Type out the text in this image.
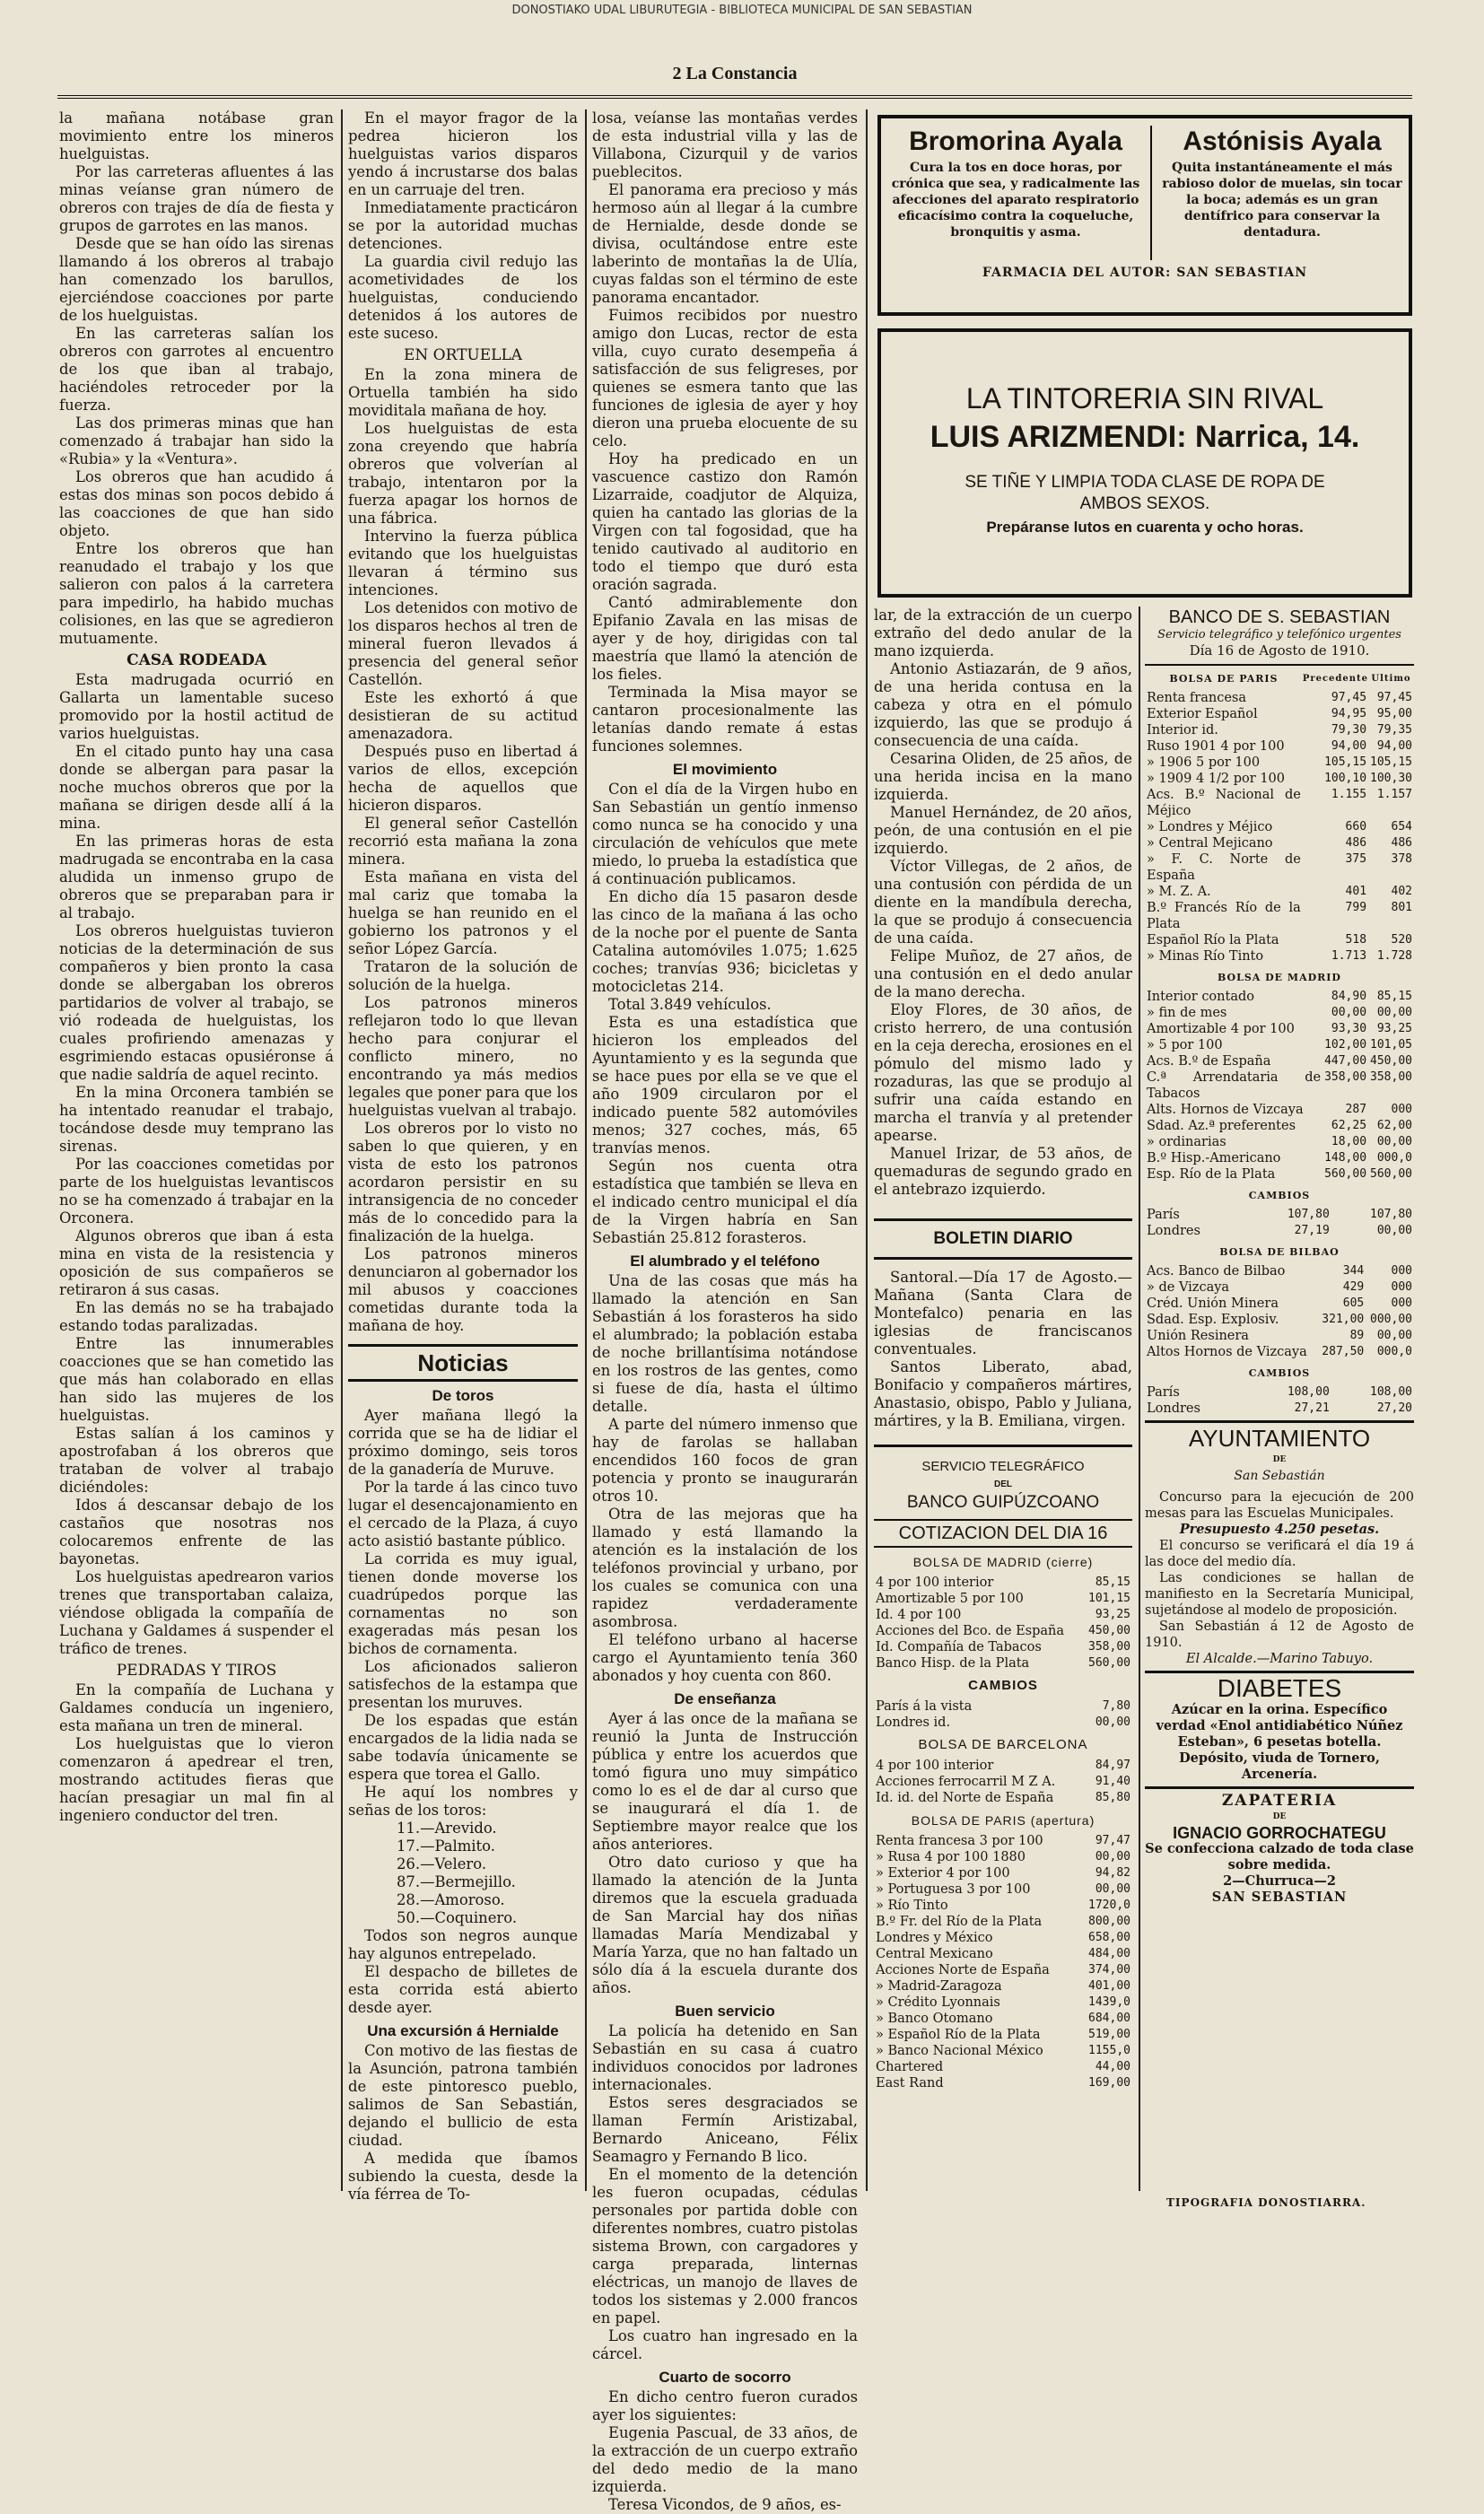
DONOSTIAKO UDAL LIBURUTEGIA - BIBLIOTECA MUNICIPAL DE SAN SEBASTIAN
2 La Constancia

la mañana notábase gran movimiento entre los mineros huelguistas.

Por las carreteras afluentes á las minas veíanse gran número de obreros con trajes de día de fiesta y grupos de garrotes en las manos.

Desde que se han oído las sirenas llamando á los obreros al trabajo han comenzado los barullos, ejerciéndose coacciones por parte de los huelguistas.

En las carreteras salían los obreros con garrotes al encuentro de los que iban al trabajo, haciéndoles retroceder por la fuerza.

Las dos primeras minas que han comenzado á trabajar han sido la «Rubia» y la «Ventura».

Los obreros que han acudido á estas dos minas son pocos debido á las coacciones de que han sido objeto.

Entre los obreros que han reanudado el trabajo y los que salieron con palos á la carretera para impedirlo, ha habido muchas colisiones, en las que se agredieron mutuamente.

CASA RODEADA

Esta madrugada ocurrió en Gallarta un lamentable suceso promovido por la hostil actitud de varios huelguistas.

En el citado punto hay una casa donde se albergan para pasar la noche muchos obreros que por la mañana se dirigen desde allí á la mina.

En las primeras horas de esta madrugada se encontraba en la casa aludida un inmenso grupo de obreros que se preparaban para ir al trabajo.

Los obreros huelguistas tuvieron noticias de la determinación de sus compañeros y bien pronto la casa donde se albergaban los obreros partidarios de volver al trabajo, se vió rodeada de huelguistas, los cuales profiriendo amenazas y esgrimiendo estacas opusiéronse á que nadie saldría de aquel recinto.

En la mina Orconera también se ha intentado reanudar el trabajo, tocándose desde muy temprano las sirenas.

Por las coacciones cometidas por parte de los huelguistas levantiscos no se ha comenzado á trabajar en la Orconera.

Algunos obreros que iban á esta mina en vista de la resistencia y oposición de sus compañeros se retiraron á sus casas.

En las demás no se ha trabajado estando todas paralizadas.

Entre las innumerables coacciones que se han cometido las que más han colaborado en ellas han sido las mujeres de los huelguistas.

Estas salían á los caminos y apostrofaban á los obreros que trataban de volver al trabajo diciéndoles:

Idos á descansar debajo de los castaños que nosotras nos colocaremos enfrente de las bayonetas.

Los huelguistas apedrearon varios trenes que transportaban calaiza, viéndose obligada la compañía de Luchana y Galdames á suspender el tráfico de trenes.

PEDRADAS Y TIROS

En la compañía de Luchana y Galdames conducía un ingeniero, esta mañana un tren de mineral.

Los huelguistas que lo vieron comenzaron á apedrear el tren, mostrando actitudes fieras que hacían presagiar un mal fin al ingeniero conductor del tren.

En el mayor fragor de la pedrea hicieron los huelguistas varios disparos yendo á incrustarse dos balas en un carruaje del tren.

Inmediatamente practicáron se por la autoridad muchas detenciones.

La guardia civil redujo las acometividades de los huelguistas, conduciendo detenidos á los autores de este suceso.

EN ORTUELLA

En la zona minera de Ortuella también ha sido moviditala mañana de hoy.

Los huelguistas de esta zona creyendo que habría obreros que volverían al trabajo, intentaron por la fuerza apagar los hornos de una fábrica.

Intervino la fuerza pública evitando que los huelguistas llevaran á término sus intenciones.

Los detenidos con motivo de los disparos hechos al tren de mineral fueron llevados á presencia del general señor Castellón.

Este les exhortó á que desistieran de su actitud amenazadora.

Después puso en libertad á varios de ellos, excepción hecha de aquellos que hicieron disparos.

El general señor Castellón recorrió esta mañana la zona minera.

Esta mañana en vista del mal cariz que tomaba la huelga se han reunido en el gobierno los patronos y el señor López García.

Trataron de la solución de solución de la huelga.

Los patronos mineros reflejaron todo lo que llevan hecho para conjurar el conflicto minero, no encontrando ya más medios legales que poner para que los huelguistas vuelvan al trabajo.

Los obreros por lo visto no saben lo que quieren, y en vista de esto los patronos acordaron persistir en su intransigencia de no conceder más de lo concedido para la finalización de la huelga.

Los patronos mineros denunciaron al gobernador los mil abusos y coacciones cometidas durante toda la mañana de hoy.

Noticias
De toros

Ayer mañana llegó la corrida que se ha de lidiar el próximo domingo, seis toros de la ganadería de Muruve.

Por la tarde á las cinco tuvo lugar el desencajonamiento en el cercado de la Plaza, á cuyo acto asistió bastante público.

La corrida es muy igual, tienen donde moverse los cuadrúpedos porque las cornamentas no son exageradas más pesan los bichos de cornamenta.

Los aficionados salieron satisfechos de la estampa que presentan los muruves.

De los espadas que están encargados de la lidia nada se sabe todavía únicamente se espera que torea el Gallo.

He aquí los nombres y señas de los toros:

11.—Arevido.
17.—Palmito.
26.—Velero.
87.—Bermejillo.
28.—Amoroso.
50.—Coquinero.

Todos son negros aunque hay algunos entrepelado.

El despacho de billetes de esta corrida está abierto desde ayer.

Una excursión á Hernialde

Con motivo de las fiestas de la Asunción, patrona también de este pintoresco pueblo, salimos de San Sebastián, dejando el bullicio de esta ciudad.

A medida que íbamos subiendo la cuesta, desde la vía férrea de To-

losa, veíanse las montañas verdes de esta industrial villa y las de Villabona, Cizurquil y de varios pueblecitos.

El panorama era precioso y más hermoso aún al llegar á la cumbre de Hernialde, desde donde se divisa, ocultándose entre este laberinto de montañas la de Ulía, cuyas faldas son el término de este panorama encantador.

Fuimos recibidos por nuestro amigo don Lucas, rector de esta villa, cuyo curato desempeña á satisfacción de sus feligreses, por quienes se esmera tanto que las funciones de iglesia de ayer y hoy dieron una prueba elocuente de su celo.

Hoy ha predicado en un vascuence castizo don Ramón Lizarraide, coadjutor de Alquiza, quien ha cantado las glorias de la Virgen con tal fogosidad, que ha tenido cautivado al auditorio en todo el tiempo que duró esta oración sagrada.

Cantó admirablemente don Epifanio Zavala en las misas de ayer y de hoy, dirigidas con tal maestría que llamó la atención de los fieles.

Terminada la Misa mayor se cantaron procesionalmente las letanías dando remate á estas funciones solemnes.

El movimiento

Con el día de la Virgen hubo en San Sebastián un gentío inmenso como nunca se ha conocido y una circulación de vehículos que mete miedo, lo prueba la estadística que á continuación publicamos.

En dicho día 15 pasaron desde las cinco de la mañana á las ocho de la noche por el puente de Santa Catalina automóviles 1.075; 1.625 coches; tranvías 936; bicicletas y motocicletas 214.

Total 3.849 vehículos.

Esta es una estadística que hicieron los empleados del Ayuntamiento y es la segunda que se hace pues por ella se ve que el año 1909 circularon por el indicado puente 582 automóviles menos; 327 coches, más, 65 tranvías menos.

Según nos cuenta otra estadística que también se lleva en el indicado centro municipal el día de la Virgen habría en San Sebastián 25.812 forasteros.

El alumbrado y el teléfono

Una de las cosas que más ha llamado la atención en San Sebastián á los forasteros ha sido el alumbrado; la población estaba de noche brillantísima notándose en los rostros de las gentes, como si fuese de día, hasta el último detalle.

A parte del número inmenso que hay de farolas se hallaban encendidos 160 focos de gran potencia y pronto se inaugurarán otros 10.

Otra de las mejoras que ha llamado y está llamando la atención es la instalación de los teléfonos provincial y urbano, por los cuales se comunica con una rapidez verdaderamente asombrosa.

El teléfono urbano al hacerse cargo el Ayuntamiento tenía 360 abonados y hoy cuenta con 860.

De enseñanza

Ayer á las once de la mañana se reunió la Junta de Instrucción pública y entre los acuerdos que tomó figura uno muy simpático como lo es el de dar al curso que se inaugurará el día 1. de Septiembre mayor realce que los años anteriores.

Otro dato curioso y que ha llamado la atención de la Junta diremos que la escuela graduada de San Marcial hay dos niñas llamadas María Mendizabal y María Yarza, que no han faltado un sólo día á la escuela durante dos años.

Buen servicio

La policía ha detenido en San Sebastián en su casa á cuatro individuos conocidos por ladrones internacionales.

Estos seres desgraciados se llaman Fermín Aristizabal, Bernardo Aniceano, Félix Seamagro y Fernando B lico.

En el momento de la detención les fueron ocupadas, cédulas personales por partida doble con diferentes nombres, cuatro pistolas sistema Brown, con cargadores y carga preparada, linternas eléctricas, un manojo de llaves de todos los sistemas y 2.000 francos en papel.

Los cuatro han ingresado en la cárcel.

Cuarto de socorro

En dicho centro fueron curados ayer los siguientes:

Eugenia Pascual, de 33 años, de la extracción de un cuerpo extraño del dedo medio de la mano izquierda.

Teresa Vicondos, de 9 años, es-

Bromorina Ayala
Cura la tos en doce horas, por crónica que sea, y radicalmente las afecciones del aparato respiratorio eficacísimo contra la coqueluche, bronquitis y asma.
Astónisis Ayala
Quita instantáneamente el más rabioso dolor de muelas, sin tocar la boca; además es un gran dentífrico para conservar la dentadura.
FARMACIA DEL AUTOR: SAN SEBASTIAN
LA TINTORERIA SIN RIVAL
LUIS ARIZMENDI: Narrica, 14.
SE TIÑE Y LIMPIA TODA CLASE DE ROPA DE AMBOS SEXOS.
Prepáranse lutos en cuarenta y ocho horas.

lar, de la extracción de un cuerpo extraño del dedo anular de la mano izquierda.

Antonio Astiazarán, de 9 años, de una herida contusa en la cabeza y otra en el pómulo izquierdo, las que se produjo á consecuencia de una caída.

Cesarina Oliden, de 25 años, de una herida incisa en la mano izquierda.

Manuel Hernández, de 20 años, peón, de una contusión en el pie izquierdo.

Víctor Villegas, de 2 años, de una contusión con pérdida de un diente en la mandíbula derecha, la que se produjo á consecuencia de una caída.

Felipe Muñoz, de 27 años, de una contusión en el dedo anular de la mano derecha.

Eloy Flores, de 30 años, de cristo herrero, de una contusión en la ceja derecha, erosiones en el pómulo del mismo lado y rozaduras, las que se produjo al sufrir una caída estando en marcha el tranvía y al pretender apearse.

Manuel Irizar, de 53 años, de quemaduras de segundo grado en el antebrazo izquierdo.

BOLETIN DIARIO

Santoral.—Día 17 de Agosto.—Mañana (Santa Clara de Montefalco) penaria en las iglesias de franciscanos conventuales.

Santos Liberato, abad, Bonifacio y compañeros mártires, Anastasio, obispo, Pablo y Juliana, mártires, y la B. Emiliana, virgen.

SERVICIO TELEGRÁFICO
DEL
BANCO GUIPÚZCOANO
COTIZACION DEL DIA 16
BOLSA DE MADRID (cierre)
4 por 100 interior	85,15
Amortizable 5 por 100	101,15
Id. 4 por 100	93,25
Acciones del Bco. de España	450,00
Id. Compañía de Tabacos	358,00
Banco Hisp. de la Plata	560,00
CAMBIOS
París á la vista	7,80
Londres id.	00,00
BOLSA DE BARCELONA
4 por 100 interior	84,97
Acciones ferrocarril M Z A.	91,40
Id. id. del Norte de España	85,80
BOLSA DE PARIS (apertura)
Renta francesa 3 por 100	97,47
» Rusa 4 por 100 1880	00,00
» Exterior 4 por 100	94,82
» Portuguesa 3 por 100	00,00
» Río Tinto	1720,0
B.º Fr. del Río de la Plata	800,00
Londres y México	658,00
Central Mexicano	484,00
Acciones Norte de España	374,00
» Madrid-Zaragoza	401,00
» Crédito Lyonnais	1439,0
» Banco Otomano	684,00
» Español Río de la Plata	519,00
» Banco Nacional México	1155,0
Chartered	44,00
East Rand	169,00
BANCO DE S. SEBASTIAN
Servicio telegráfico y telefónico urgentes
Día 16 de Agosto de 1910.
BOLSA DE PARIS	Precedente	Ultimo
Renta francesa	97,45	97,45
Exterior Español	94,95	95,00
Interior id.	79,30	79,35
Ruso 1901 4 por 100	94,00	94,00
» 1906 5 por 100	105,15	105,15
» 1909 4 1/2 por 100	100,10	100,30
Acs. B.º Nacional de Méjico	1.155	1.157
» Londres y Méjico	660	654
» Central Mejicano	486	486
» F. C. Norte de España	375	378
» M. Z. A.	401	402
B.º Francés Río de la Plata	799	801
Español Río la Plata	518	520
» Minas Río Tinto	1.713	1.728
BOLSA DE MADRID
Interior contado	84,90	85,15
» fin de mes	00,00	00,00
Amortizable 4 por 100	93,30	93,25
» 5 por 100	102,00	101,05
Acs. B.º de España	447,00	450,00
C.ª Arrendataria de Tabacos	358,00	358,00
Alts. Hornos de Vizcaya	287	000
Sdad. Az.ª preferentes	62,25	62,00
» ordinarias	18,00	00,00
B.º Hisp.-Americano	148,00	000,0
Esp. Río de la Plata	560,00	560,00
CAMBIOS
París	107,80	107,80
Londres	27,19	00,00
BOLSA DE BILBAO
Acs. Banco de Bilbao	344	000
» de Vizcaya	429	000
Créd. Unión Minera	605	000
Sdad. Esp. Explosiv.	321,00	000,00
Unión Resinera	89	00,00
Altos Hornos de Vizcaya	287,50	000,0
CAMBIOS
París	108,00	108,00
Londres	27,21	27,20
AYUNTAMIENTO
DE
San Sebastián

Concurso para la ejecución de 200 mesas para las Escuelas Municipales.

Presupuesto 4.250 pesetas.

El concurso se verificará el día 19 á las doce del medio día.

Las condiciones se hallan de manifiesto en la Secretaría Municipal, sujetándose al modelo de proposición.

San Sebastián á 12 de Agosto de 1910.

El Alcalde.—Marino Tabuyo.
DIABETES
Azúcar en la orina. Específico verdad «Enol antidiabético Núñez Esteban», 6 pesetas botella. Depósito, viuda de Tornero, Arcenería.
ZAPATERIA
DE
IGNACIO GORROCHATEGU
Se confecciona calzado de toda clase sobre medida.
2—Churruca—2
SAN SEBASTIAN
TIPOGRAFIA DONOSTIARRA.
